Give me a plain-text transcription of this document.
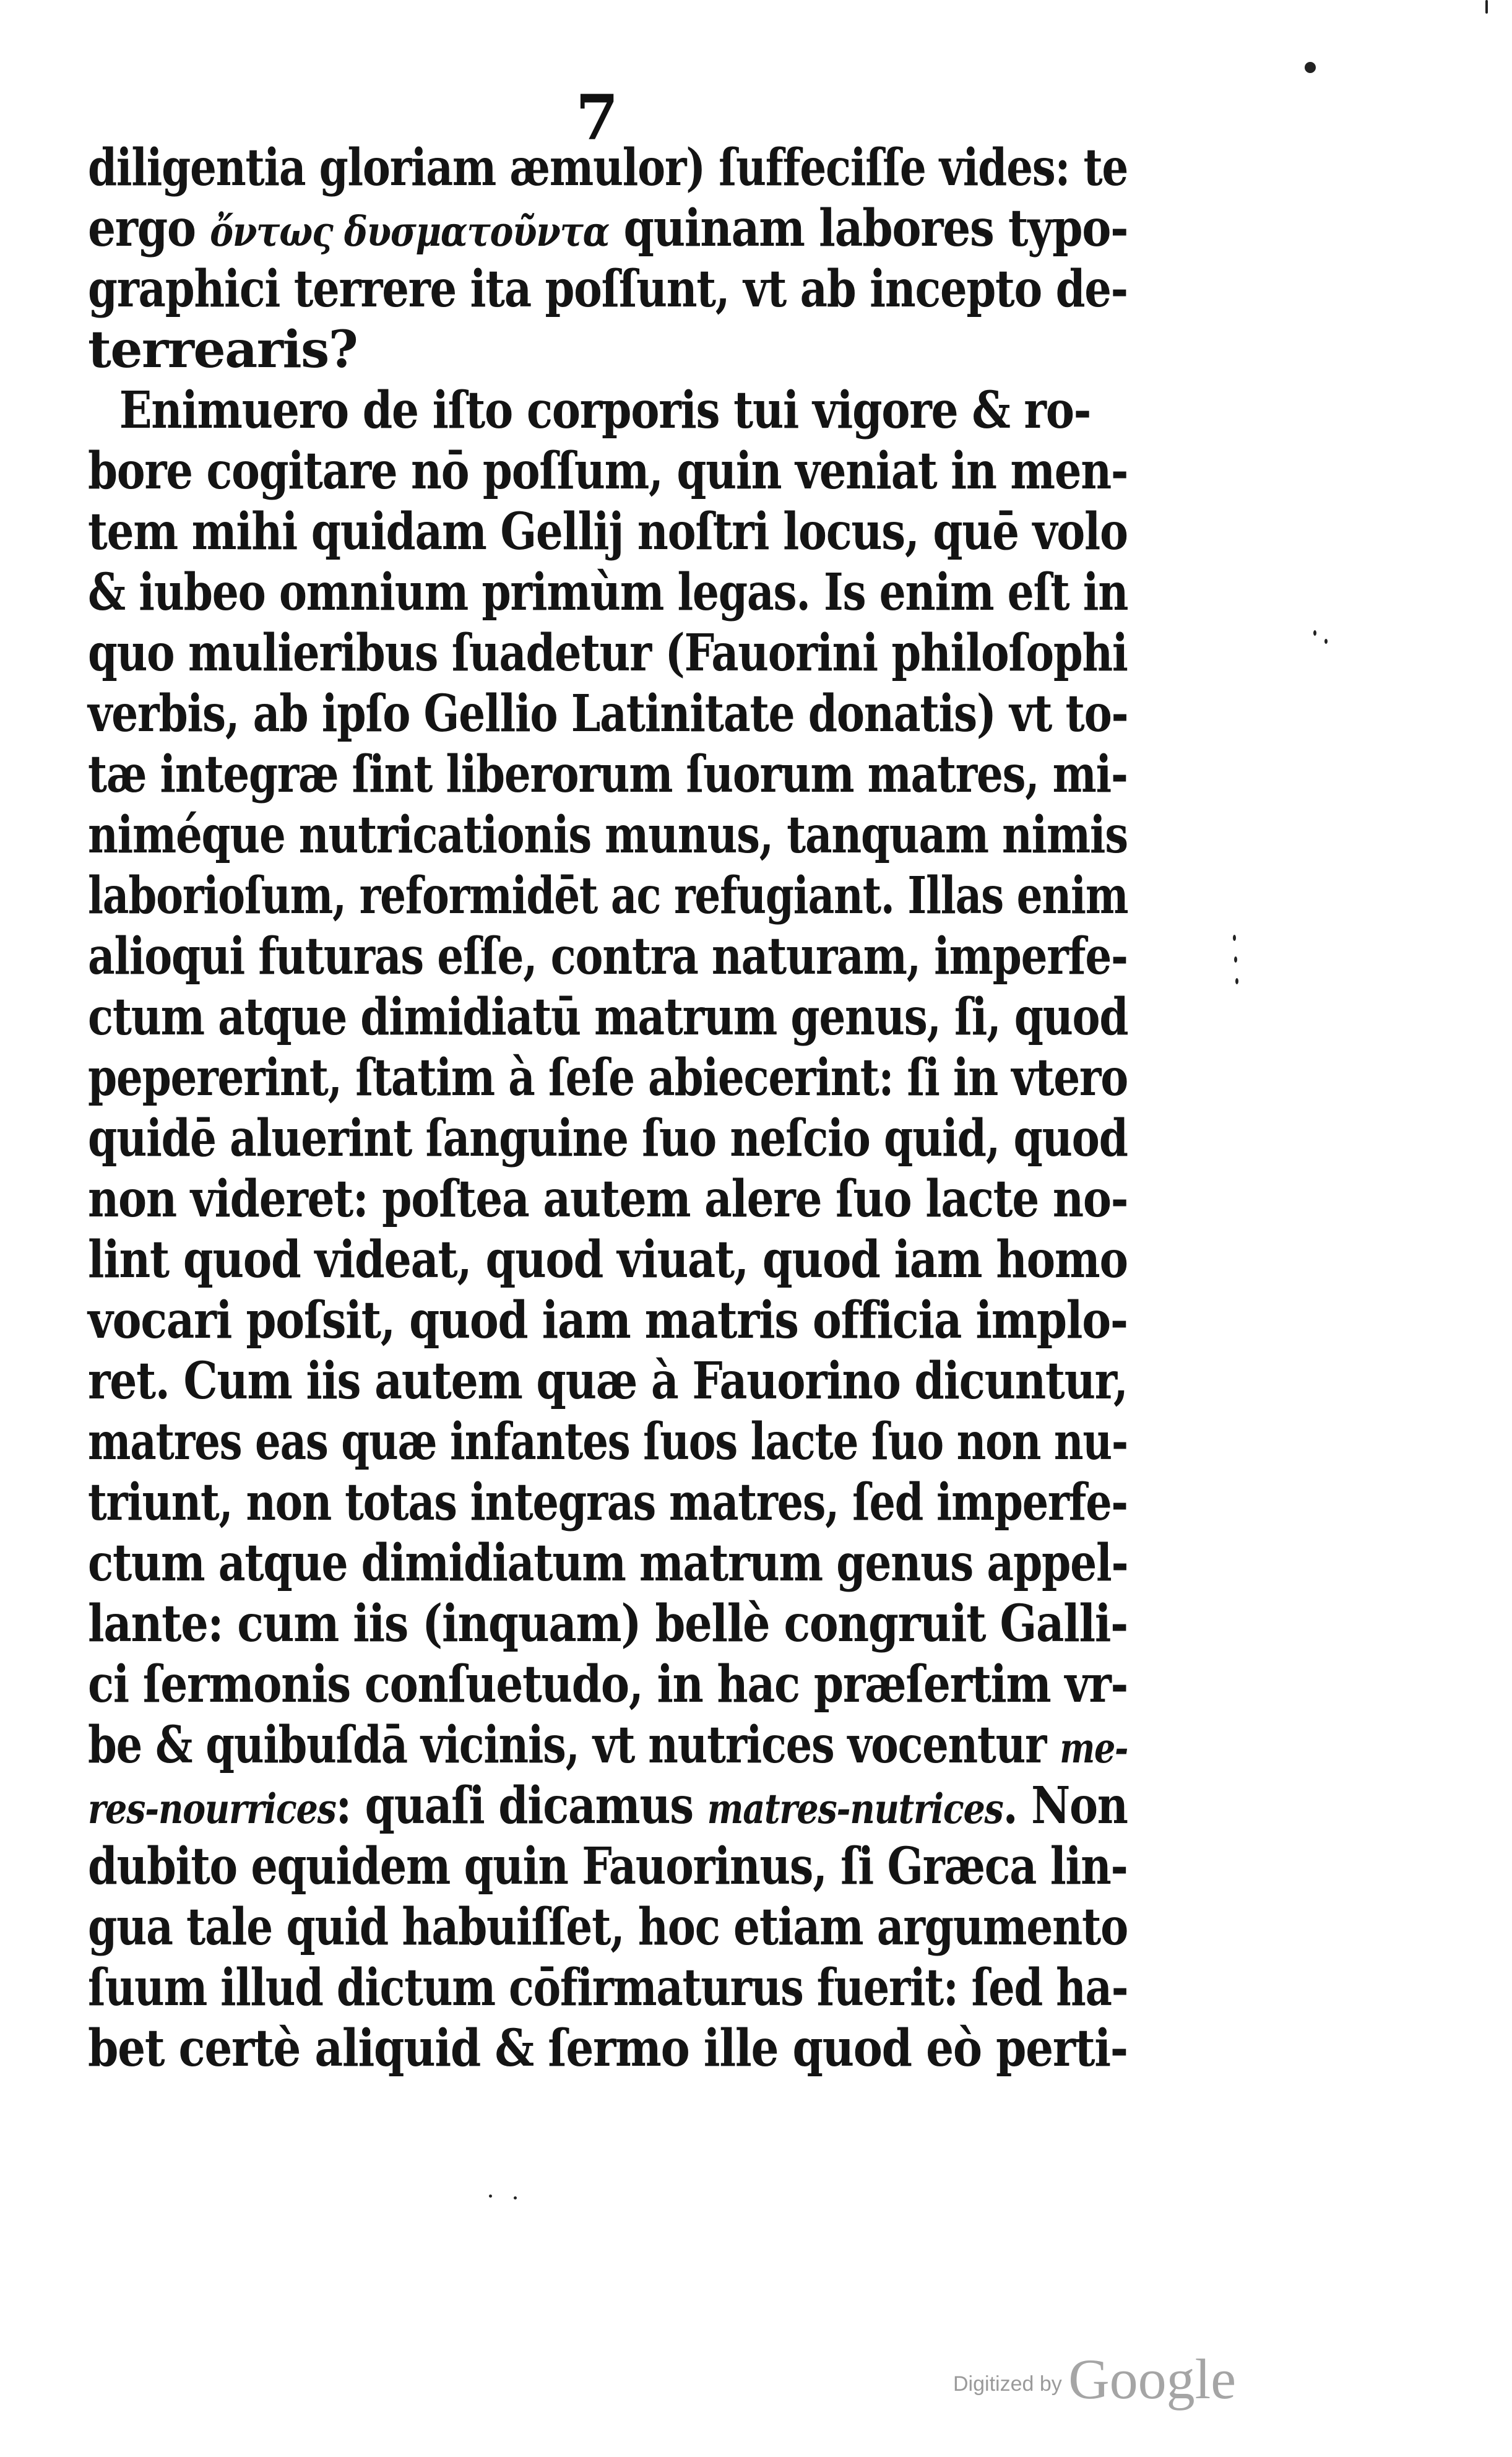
7
diligentia gloriam æmulor) ſuffeciſſe vides: te
ergo ὄντως δυσματοῦντα quinam labores typo-
graphici terrere ita poſſunt, vt ab incepto de-
terrearis?
Enimuero de iſto corporis tui vigore & ro-
bore cogitare nō poſſum, quin veniat in men-
tem mihi quidam Gellij noſtri locus, quē volo
& iubeo omnium primùm legas. Is enim eſt in
quo mulieribus ſuadetur (Fauorini philoſophi
verbis, ab ipſo Gellio Latinitate donatis) vt to-
tæ integræ ſint liberorum ſuorum matres, mi-
niméque nutricationis munus, tanquam nimis
laborioſum, reformidēt ac refugiant. Illas enim
alioqui futuras eſſe, contra naturam, imperfe-
ctum atque dimidiatū matrum genus, ſi, quod
pepererint, ſtatim à ſeſe abiecerint: ſi in vtero
quidē aluerint ſanguine ſuo neſcio quid, quod
non videret: poſtea autem alere ſuo lacte no-
lint quod videat, quod viuat, quod iam homo
vocari poſsit, quod iam matris officia implo-
ret. Cum iis autem quæ à Fauorino dicuntur,
matres eas quæ infantes ſuos lacte ſuo non nu-
triunt, non totas integras matres, ſed imperfe-
ctum atque dimidiatum matrum genus appel-
lante: cum iis (inquam) bellè congruit Galli-
ci ſermonis conſuetudo, in hac præſertim vr-
be & quibuſdā vicinis, vt nutrices vocentur me-
res-nourrices: quaſi dicamus matres-nutrices. Non
dubito equidem quin Fauorinus, ſi Græca lin-
gua tale quid habuiſſet, hoc etiam argumento
ſuum illud dictum cōfirmaturus fuerit: ſed ha-
bet certè aliquid & ſermo ille quod eò perti-
Digitized by Google
